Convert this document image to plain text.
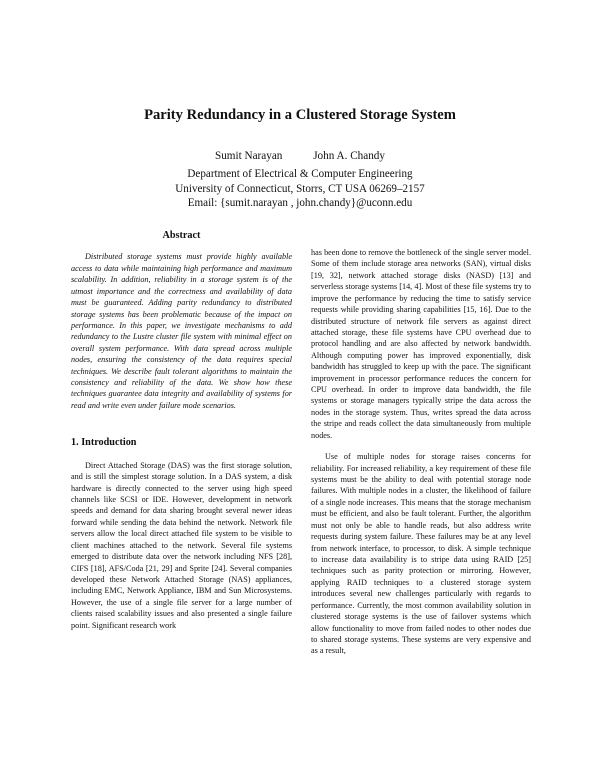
Parity Redundancy in a Clustered Storage System
Sumit Narayan	John A. Chandy
Department of Electrical & Computer Engineering
University of Connecticut, Storrs, CT USA 06269–2157
Email: {sumit.narayan , john.chandy}@uconn.edu
Abstract

Distributed storage systems must provide highly available access to data while maintaining high performance and maximum scalability. In addition, reliability in a storage system is of the utmost importance and the correctness and availability of data must be guaranteed. Adding parity redundancy to distributed storage systems has been problematic because of the impact on performance. In this paper, we investigate mechanisms to add redundancy to the Lustre cluster file system with minimal effect on overall system performance. With data spread across multiple nodes, ensuring the consistency of the data requires special techniques. We describe fault tolerant algorithms to maintain the consistency and reliability of the data. We show how these techniques guarantee data integrity and availability of systems for read and write even under failure mode scenarios.

1. Introduction

Direct Attached Storage (DAS) was the first storage solution, and is still the simplest storage solution. In a DAS system, a disk hardware is directly connected to the server using high speed channels like SCSI or IDE. However, development in network speeds and demand for data sharing brought several newer ideas forward while sending the data behind the network. Network file servers allow the local direct attached file system to be visible to client machines attached to the network. Several file systems emerged to distribute data over the network including NFS [28], CIFS [18], AFS/Coda [21, 29] and Sprite [24]. Several companies developed these Network Attached Storage (NAS) appliances, including EMC, Network Appliance, IBM and Sun Microsystems. However, the use of a single file server for a large number of clients raised scalability issues and also presented a single failure point. Significant research work

has been done to remove the bottleneck of the single server model. Some of them include storage area networks (SAN), virtual disks [19, 32], network attached storage disks (NASD) [13] and serverless storage systems [14, 4]. Most of these file systems try to improve the performance by reducing the time to satisfy service requests while providing sharing capabilities [15, 16]. Due to the distributed structure of network file servers as against direct attached storage, these file systems have CPU overhead due to protocol handling and are also affected by network bandwidth. Although computing power has improved exponentially, disk bandwidth has struggled to keep up with the pace. The significant improvement in processor performance reduces the concern for CPU overhead. In order to improve data bandwidth, the file systems or storage managers typically stripe the data across the nodes in the storage system. Thus, writes spread the data across the stripe and reads collect the data simultaneously from multiple nodes.

Use of multiple nodes for storage raises concerns for reliability. For increased reliability, a key requirement of these file systems must be the ability to deal with potential storage node failures. With multiple nodes in a cluster, the likelihood of failure of a single node increases. This means that the storage mechanism must be efficient, and also be fault tolerant. Further, the algorithm must not only be able to handle reads, but also address write requests during system failure. These failures may be at any level from network interface, to processor, to disk. A simple technique to increase data availability is to stripe data using RAID [25] techniques such as parity protection or mirroring. However, applying RAID techniques to a clustered storage system introduces several new challenges particularly with regards to performance. Currently, the most common availability solution in clustered storage systems is the use of failover systems which allow functionality to move from failed nodes to other nodes due to shared storage systems. These systems are very expensive and as a result,
